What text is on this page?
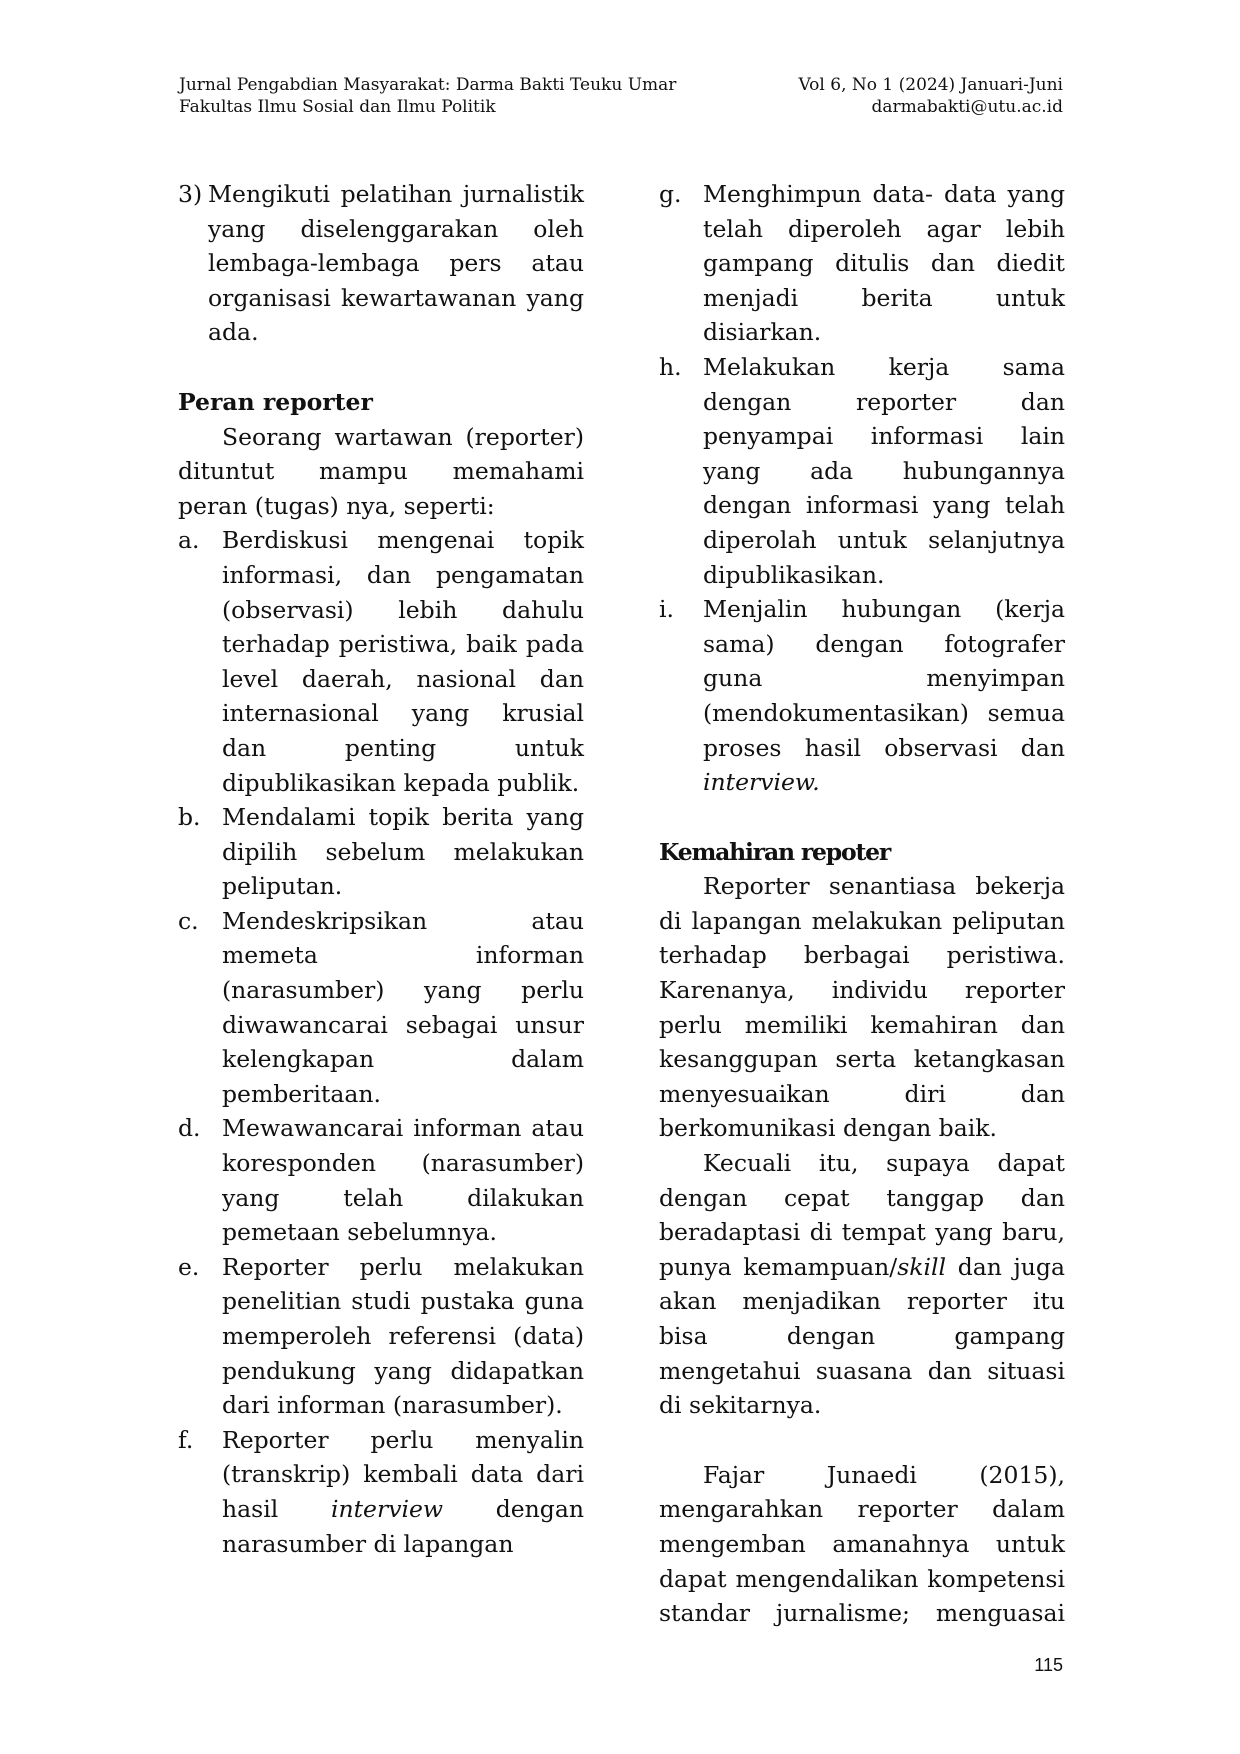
Jurnal Pengabdian Masyarakat: Darma Bakti Teuku Umar
Fakultas Ilmu Sosial dan Ilmu Politik
Vol 6, No 1 (2024) Januari-Juni
darmabakti@utu.ac.id
3) Mengikuti pelatihan jurnalistik yang diselenggarakan oleh lembaga-lembaga pers atau organisasi kewartawanan yang ada.
Peran reporter
Seorang wartawan (reporter) dituntut mampu memahami peran (tugas) nya, seperti:
a. Berdiskusi mengenai topik informasi, dan pengamatan (observasi) lebih dahulu terhadap peristiwa, baik pada level daerah, nasional dan internasional yang krusial dan penting untuk dipublikasikan kepada publik.
b. Mendalami topik berita yang dipilih sebelum melakukan peliputan.
c. Mendeskripsikan atau memeta informan (narasumber) yang perlu diwawancarai sebagai unsur kelengkapan dalam pemberitaan.
d. Mewawancarai informan atau koresponden (narasumber) yang telah dilakukan pemetaan sebelumnya.
e. Reporter perlu melakukan penelitian studi pustaka guna memperoleh referensi (data) pendukung yang didapatkan dari informan (narasumber).
f.	Reporter perlu menyalin (transkrip) kembali data dari hasil interview dengan narasumber di lapangan
g. Menghimpun data- data yang telah diperoleh agar lebih gampang ditulis dan diedit menjadi berita untuk disiarkan.
h. Melakukan kerja sama dengan reporter dan penyampai informasi lain yang ada hubungannya dengan informasi yang telah diperolah untuk selanjutnya dipublikasikan.
i.	Menjalin hubungan (kerja sama) dengan fotografer guna menyimpan (mendokumentasikan) semua proses hasil observasi dan interview.
Kemahiran repoter
Reporter senantiasa bekerja di lapangan melakukan peliputan terhadap berbagai peristiwa. Karenanya, individu reporter perlu memiliki kemahiran dan kesanggupan serta ketangkasan menyesuaikan diri dan berkomunikasi dengan baik.
Kecuali itu, supaya dapat dengan cepat tanggap dan beradaptasi di tempat yang baru, punya kemampuan/skill dan juga akan menjadikan reporter itu bisa dengan gampang mengetahui suasana dan situasi di sekitarnya.
Fajar Junaedi (2015), mengarahkan reporter dalam mengemban amanahnya untuk dapat mengendalikan kompetensi standar jurnalisme; menguasai
115
